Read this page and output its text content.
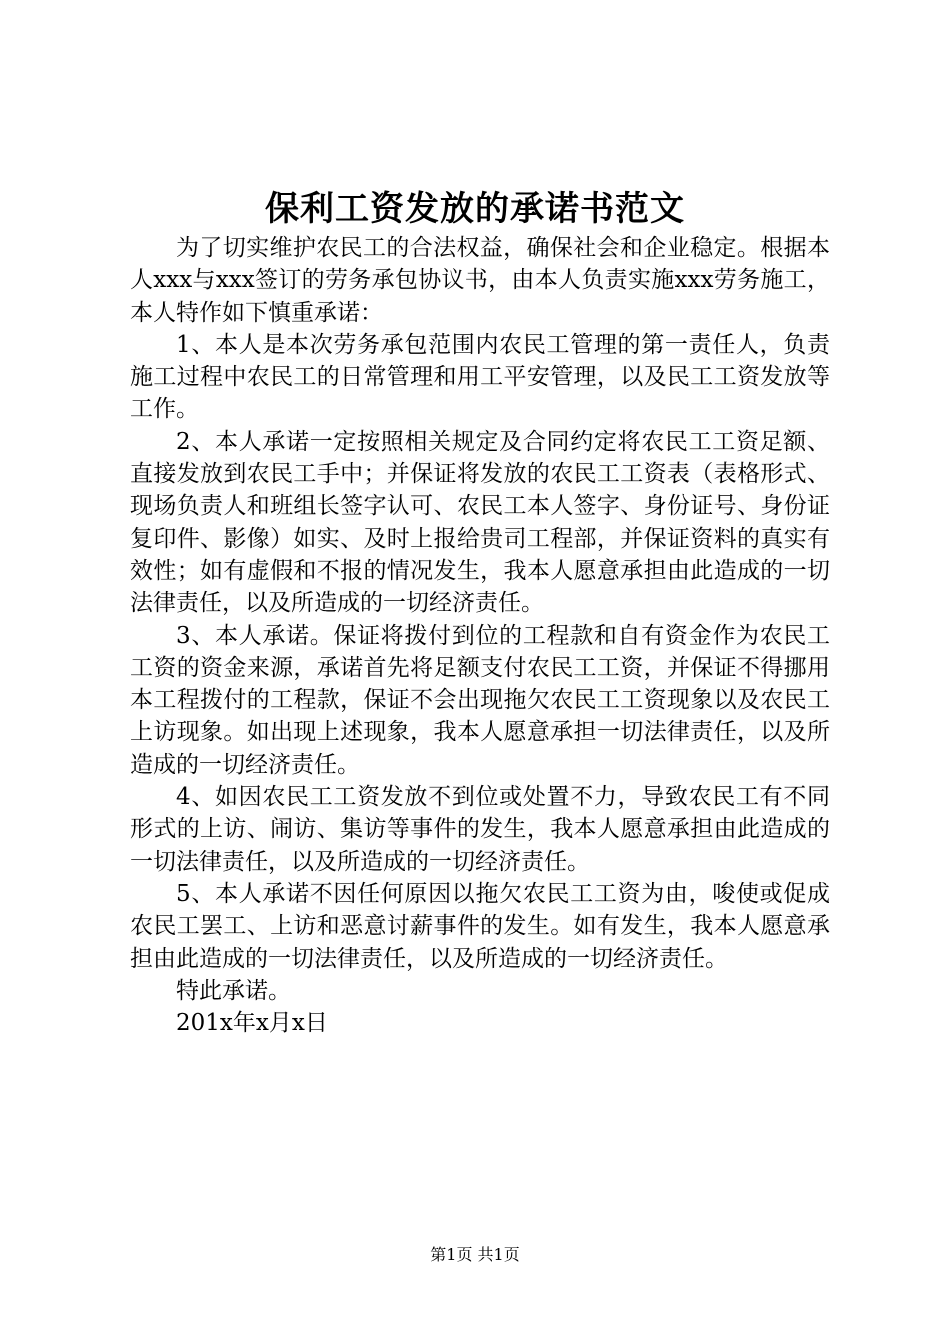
保利工资发放的承诺书范文

为了切实维护农民工的合法权益，确保社会和企业稳定。根据本人xxx与xxx签订的劳务承包协议书，由本人负责实施xxx劳务施工，本人特作如下慎重承诺：

1、本人是本次劳务承包范围内农民工管理的第一责任人，负责施工过程中农民工的日常管理和用工平安管理，以及民工工资发放等工作。

2、本人承诺一定按照相关规定及合同约定将农民工工资足额、直接发放到农民工手中；并保证将发放的农民工工资表（表格形式、现场负责人和班组长签字认可、农民工本人签字、身份证号、身份证复印件、影像）如实、及时上报给贵司工程部，并保证资料的真实有效性；如有虚假和不报的情况发生，我本人愿意承担由此造成的一切法律责任，以及所造成的一切经济责任。

3、本人承诺。保证将拨付到位的工程款和自有资金作为农民工工资的资金来源，承诺首先将足额支付农民工工资，并保证不得挪用本工程拨付的工程款，保证不会出现拖欠农民工工资现象以及农民工上访现象。如出现上述现象，我本人愿意承担一切法律责任，以及所造成的一切经济责任。

4、如因农民工工资发放不到位或处置不力，导致农民工有不同形式的上访、闹访、集访等事件的发生，我本人愿意承担由此造成的一切法律责任，以及所造成的一切经济责任。

5、本人承诺不因任何原因以拖欠农民工工资为由，唆使或促成农民工罢工、上访和恶意讨薪事件的发生。如有发生，我本人愿意承担由此造成的一切法律责任，以及所造成的一切经济责任。

特此承诺。

201x年x月x日

第1页 共1页
